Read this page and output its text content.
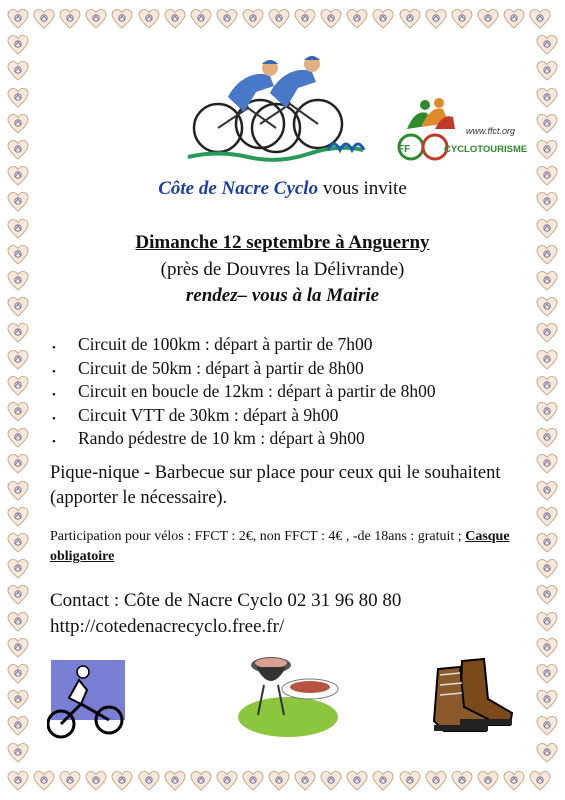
www.ffct.org
FF	CYCLOTOURISME
Côte de Nacre Cyclo vous invite
Dimanche 12 septembre à Anguerny
(près de Douvres la Délivrande)
rendez– vous à la Mairie
• Circuit de 100km : départ à partir de 7h00
• Circuit de 50km : départ à partir de 8h00
• Circuit en boucle de 12km : départ à partir de 8h00
• Circuit VTT de 30km : départ à 9h00
• Rando pédestre de 10 km : départ à 9h00
Pique-nique - Barbecue sur place pour ceux qui le souhaitent (apporter le nécessaire).
Participation pour vélos : FFCT : 2€, non FFCT : 4€ , -de 18ans : gratuit ; Casque obligatoire
Contact : Côte de Nacre Cyclo 02 31 96 80 80
http://cotedenacrecyclo.free.fr/
